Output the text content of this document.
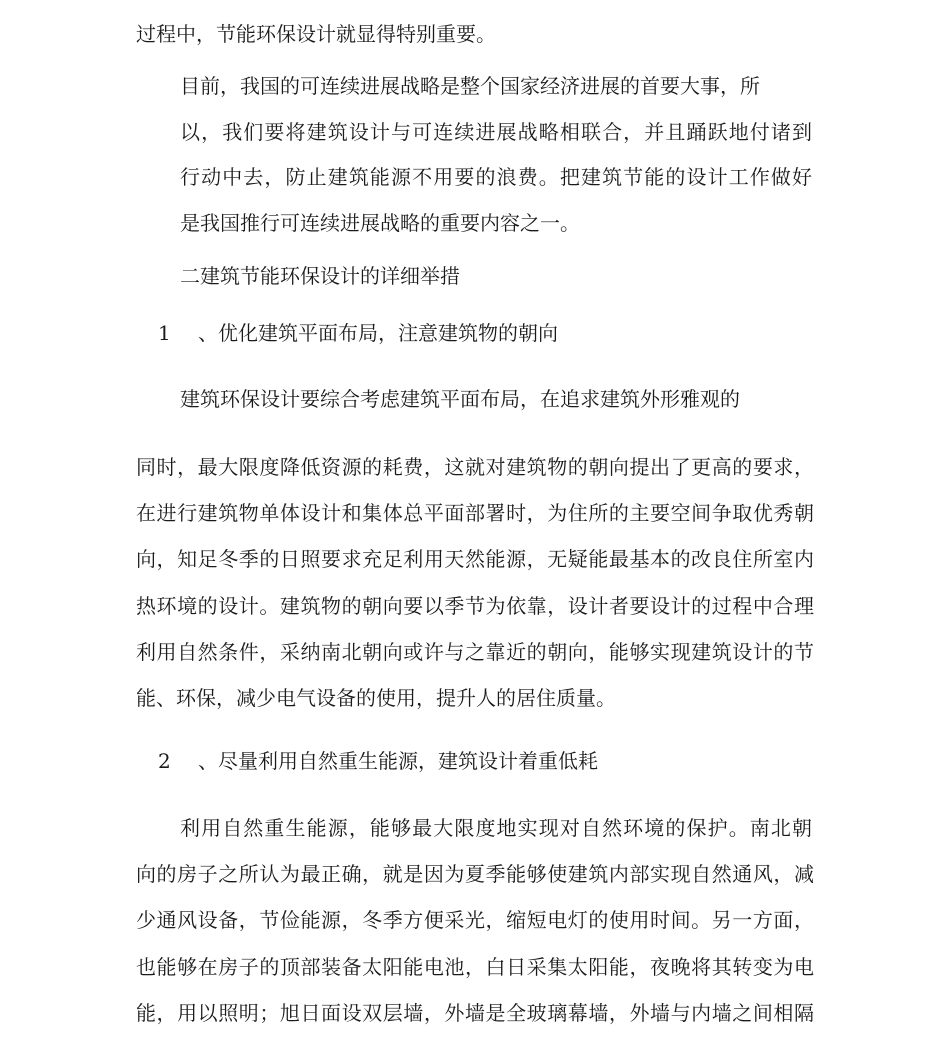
过程中，节能环保设计就显得特别重要。
目前，我国的可连续进展战略是整个国家经济进展的首要大事，所
以，我们要将建筑设计与可连续进展战略相联合，并且踊跃地付诸到
行动中去，防止建筑能源不用要的浪费。把建筑节能的设计工作做好
是我国推行可连续进展战略的重要内容之一。
二建筑节能环保设计的详细举措
1 、优化建筑平面布局，注意建筑物的朝向
建筑环保设计要综合考虑建筑平面布局，在追求建筑外形雅观的
同时，最大限度降低资源的耗费，这就对建筑物的朝向提出了更高的要求，
在进行建筑物单体设计和集体总平面部署时，为住所的主要空间争取优秀朝
向，知足冬季的日照要求充足利用天然能源，无疑能最基本的改良住所室内
热环境的设计。建筑物的朝向要以季节为依靠，设计者要设计的过程中合理
利用自然条件，采纳南北朝向或许与之靠近的朝向，能够实现建筑设计的节
能、环保，减少电气设备的使用，提升人的居住质量。
2 、尽量利用自然重生能源，建筑设计着重低耗
利用自然重生能源，能够最大限度地实现对自然环境的保护。南北朝
向的房子之所认为最正确，就是因为夏季能够使建筑内部实现自然通风，减
少通风设备，节俭能源，冬季方便采光，缩短电灯的使用时间。另一方面，
也能够在房子的顶部装备太阳能电池，白日采集太阳能，夜晚将其转变为电
能，用以照明；旭日面设双层墙，外墙是全玻璃幕墙，外墙与内墙之间相隔
